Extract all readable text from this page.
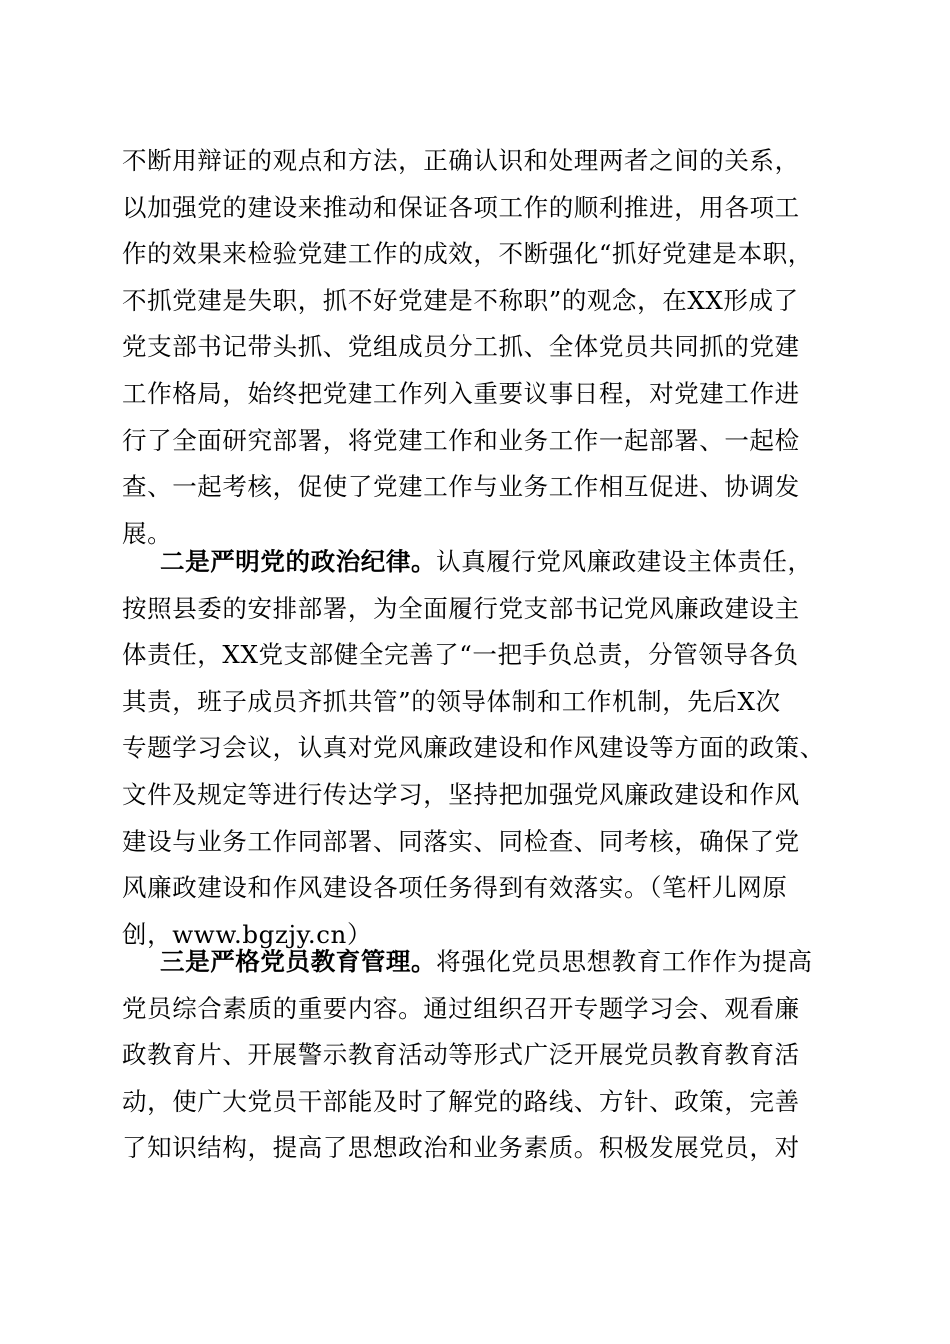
不断用辩证的观点和方法，正确认识和处理两者之间的关系，
以加强党的建设来推动和保证各项工作的顺利推进，用各项工
作的效果来检验党建工作的成效，不断强化“抓好党建是本职，
不抓党建是失职，抓不好党建是不称职”的观念，在XX形成了
党支部书记带头抓、党组成员分工抓、全体党员共同抓的党建
工作格局，始终把党建工作列入重要议事日程，对党建工作进
行了全面研究部署，将党建工作和业务工作一起部署、一起检
查、一起考核，促使了党建工作与业务工作相互促进、协调发
展。
二是严明党的政治纪律。认真履行党风廉政建设主体责任，
按照县委的安排部署，为全面履行党支部书记党风廉政建设主
体责任，XX党支部健全完善了“一把手负总责，分管领导各负
其责，班子成员齐抓共管”的领导体制和工作机制，先后X次
专题学习会议，认真对党风廉政建设和作风建设等方面的政策、
文件及规定等进行传达学习，坚持把加强党风廉政建设和作风
建设与业务工作同部署、同落实、同检查、同考核，确保了党
风廉政建设和作风建设各项任务得到有效落实。（笔杆儿网原
创，www.bgzjy.cn）
三是严格党员教育管理。将强化党员思想教育工作作为提高
党员综合素质的重要内容。通过组织召开专题学习会、观看廉
政教育片、开展警示教育活动等形式广泛开展党员教育教育活
动，使广大党员干部能及时了解党的路线、方针、政策，完善
了知识结构，提高了思想政治和业务素质。积极发展党员，对
